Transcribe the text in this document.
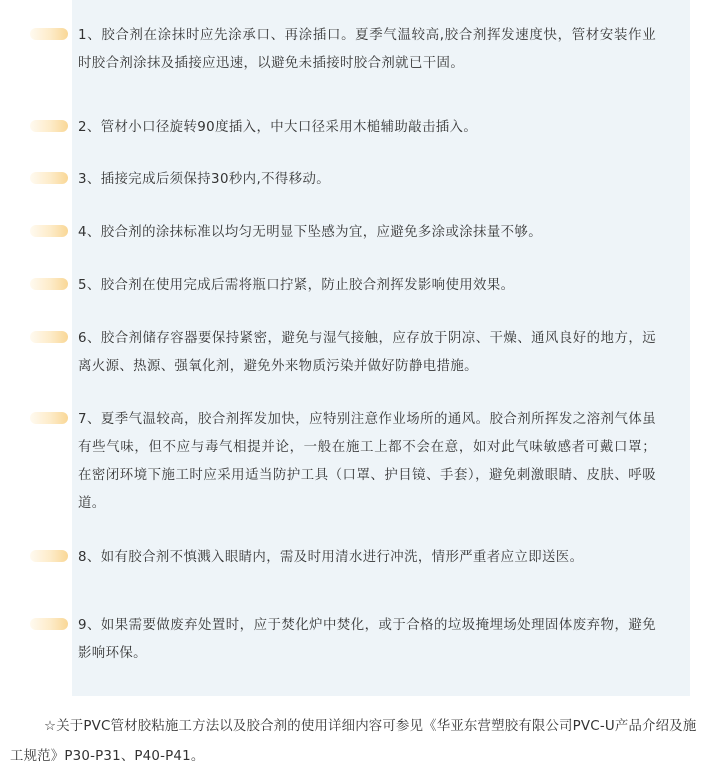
1、胶合剂在涂抹时应先涂承口、再涂插口。夏季气温较高,胶合剂挥发速度快，管材安装作业时胶合剂涂抹及插接应迅速，以避免未插接时胶合剂就已干固。

2、管材小口径旋转90度插入，中大口径采用木槌辅助敲击插入。

3、插接完成后须保持30秒内,不得移动。

4、胶合剂的涂抹标准以均匀无明显下坠感为宜，应避免多涂或涂抹量不够。

5、胶合剂在使用完成后需将瓶口拧紧，防止胶合剂挥发影响使用效果。

6、胶合剂储存容器要保持紧密，避免与湿气接触，应存放于阴凉、干燥、通风良好的地方，远离火源、热源、强氧化剂，避免外来物质污染并做好防静电措施。

7、夏季气温较高，胶合剂挥发加快，应特别注意作业场所的通风。胶合剂所挥发之溶剂气体虽有些气味，但不应与毒气相提并论，一般在施工上都不会在意，如对此气味敏感者可戴口罩；在密闭环境下施工时应采用适当防护工具（口罩、护目镜、手套），避免刺激眼睛、皮肤、呼吸道。

8、如有胶合剂不慎溅入眼睛内，需及时用清水进行冲洗，情形严重者应立即送医。

9、如果需要做废弃处置时，应于焚化炉中焚化，或于合格的垃圾掩埋场处理固体废弃物，避免影响环保。

☆关于PVC管材胶粘施工方法以及胶合剂的使用详细内容可参见《华亚东营塑胶有限公司PVC-U产品介绍及施工规范》P30-P31、P40-P41。
